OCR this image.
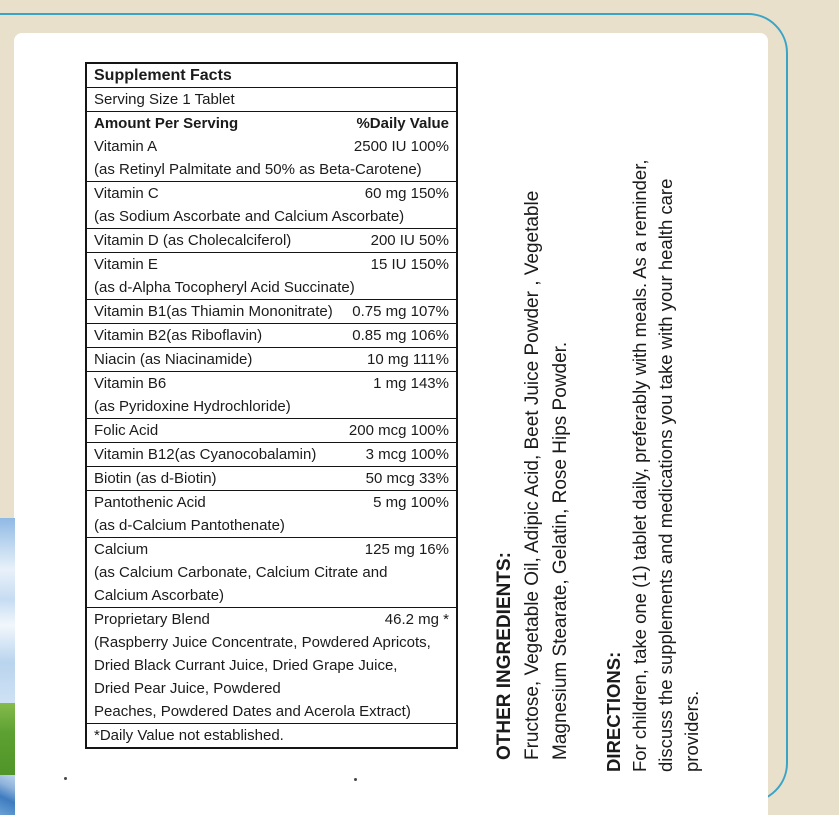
Supplement Facts
Serving Size 1 Tablet
Amount Per Serving	%Daily Value
Vitamin A	2500 IU 100%
(as Retinyl Palmitate and 50% as Beta-Carotene)
Vitamin C	60 mg 150%
(as Sodium Ascorbate and Calcium Ascorbate)
Vitamin D (as Cholecalciferol)	200 IU 50%
Vitamin E	15 IU 150%
(as d-Alpha Tocopheryl Acid Succinate)
Vitamin B1(as Thiamin Mononitrate)	0.75 mg 107%
Vitamin B2(as Riboflavin)	0.85 mg 106%
Niacin (as Niacinamide)	10 mg 111%
Vitamin B6	1 mg 143%
(as Pyridoxine Hydrochloride)
Folic Acid	200 mcg 100%
Vitamin B12(as Cyanocobalamin)	3 mcg 100%
Biotin (as d-Biotin)	50 mcg 33%
Pantothenic Acid	5 mg 100%
(as d-Calcium Pantothenate)
Calcium	125 mg 16%
(as Calcium Carbonate, Calcium Citrate and
Calcium Ascorbate)
Proprietary Blend	46.2 mg *
(Raspberry Juice Concentrate, Powdered Apricots,
Dried Black Currant Juice, Dried Grape Juice,
Dried Pear Juice, Powdered
Peaches, Powdered Dates and Acerola Extract)
*Daily Value not established.	OTHER INGREDIENTS: Fructose, Vegetable Oil, Adipic Acid, Beet Juice Powder , Vegetable Magnesium Stearate, Gelatin, Rose Hips Powder. DIRECTIONS: For children, take one (1) tablet daily, preferably with meals. As a reminder, discuss the supplements and medications you take with your health care providers.
